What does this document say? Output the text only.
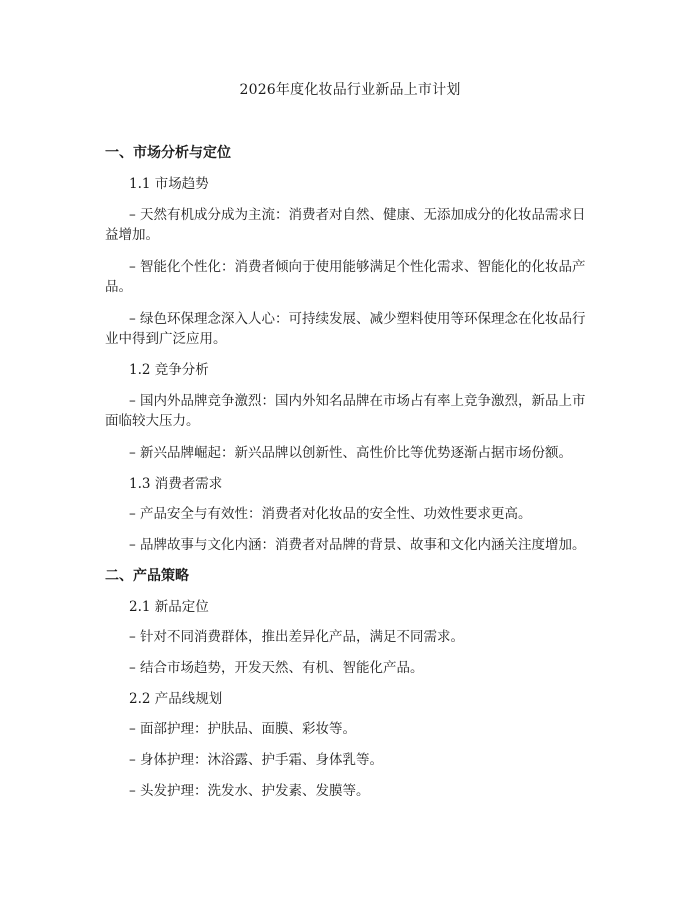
2026年度化妆品行业新品上市计划
一、市场分析与定位
1.1 市场趋势
– 天然有机成分成为主流：消费者对自然、健康、无添加成分的化妆品需求日益增加。
– 智能化个性化：消费者倾向于使用能够满足个性化需求、智能化的化妆品产品。
– 绿色环保理念深入人心：可持续发展、减少塑料使用等环保理念在化妆品行业中得到广泛应用。
1.2 竞争分析
– 国内外品牌竞争激烈：国内外知名品牌在市场占有率上竞争激烈，新品上市面临较大压力。
– 新兴品牌崛起：新兴品牌以创新性、高性价比等优势逐渐占据市场份额。
1.3 消费者需求
– 产品安全与有效性：消费者对化妆品的安全性、功效性要求更高。
– 品牌故事与文化内涵：消费者对品牌的背景、故事和文化内涵关注度增加。
二、产品策略
2.1 新品定位
– 针对不同消费群体，推出差异化产品，满足不同需求。
– 结合市场趋势，开发天然、有机、智能化产品。
2.2 产品线规划
– 面部护理：护肤品、面膜、彩妆等。
– 身体护理：沐浴露、护手霜、身体乳等。
– 头发护理：洗发水、护发素、发膜等。
